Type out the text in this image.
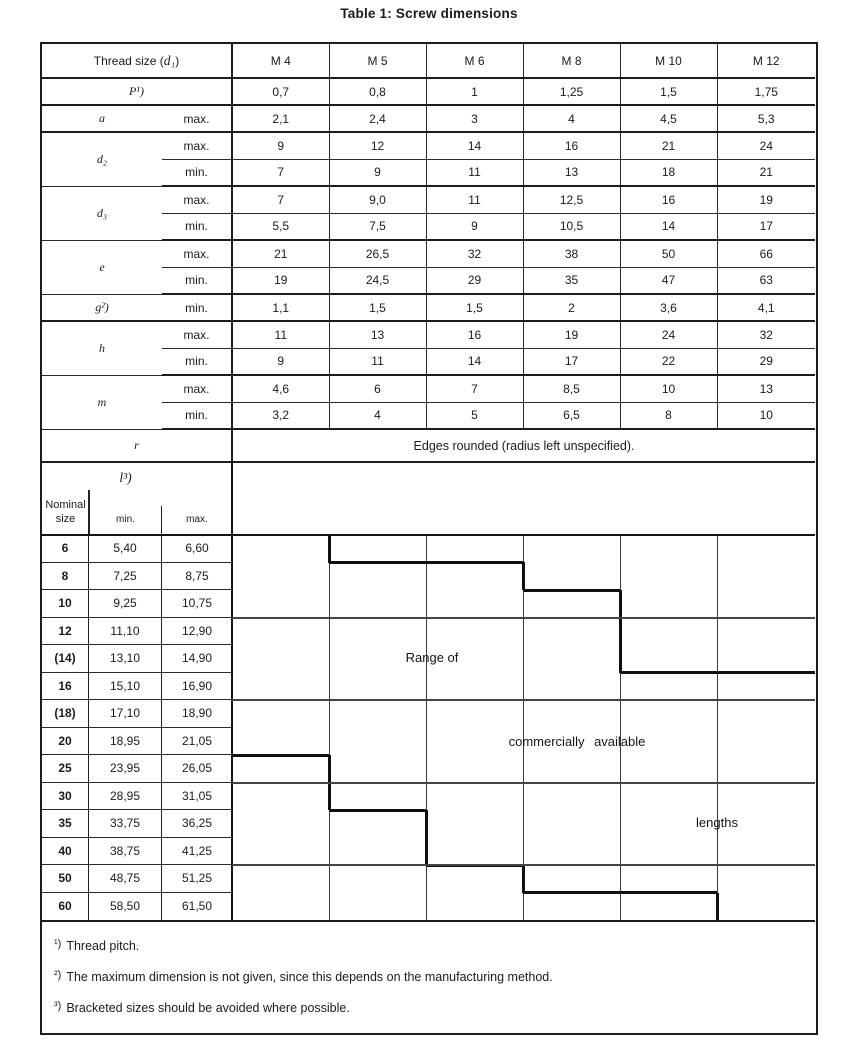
Table 1: Screw dimensions
Thread size (d₁)		M 4	M 5	M 6	M 8	M 10	M 12
P¹)		0,7	0,8	1	1,25	1,5	1,75
a	max.	2,1	2,4	3	4	4,5	5,3
d₂	max.	9	12	14	16	21	24
	min.	7	9	11	13	18	21
d₃	max.	7	9,0	11	12,5	16	19
	min.	5,5	7,5	9	10,5	14	17
e	max.	21	26,5	32	38	50	66
	min.	19	24,5	29	35	47	63
g²)	min.	1,1	1,5	1,5	2	3,6	4,1
h	max.	11	13	16	19	24	32
	min.	9	11	14	17	22	29
m	max.	4,6	6	7	8,5	10	13
	min.	3,2	4	5	6,5	8	10
r		Edges rounded (radius left unspecified).					
l³)
Nominal
size	min.	max.
6	5,40	6,60
8	7,25	8,75
10	9,25	10,75
12	11,10	12,90
(14)	13,10	14,90
16	15,10	16,90
(18)	17,10	18,90
20	18,95	21,05
25	23,95	26,05
30	28,95	31,05
35	33,75	36,25
40	38,75	41,25
50	48,75	51,25
60	58,50	61,50
Range of
commercially available
lengths
¹) Thread pitch.
²) The maximum dimension is not given, since this depends on the manufacturing method.
³) Bracketed sizes should be avoided where possible.
